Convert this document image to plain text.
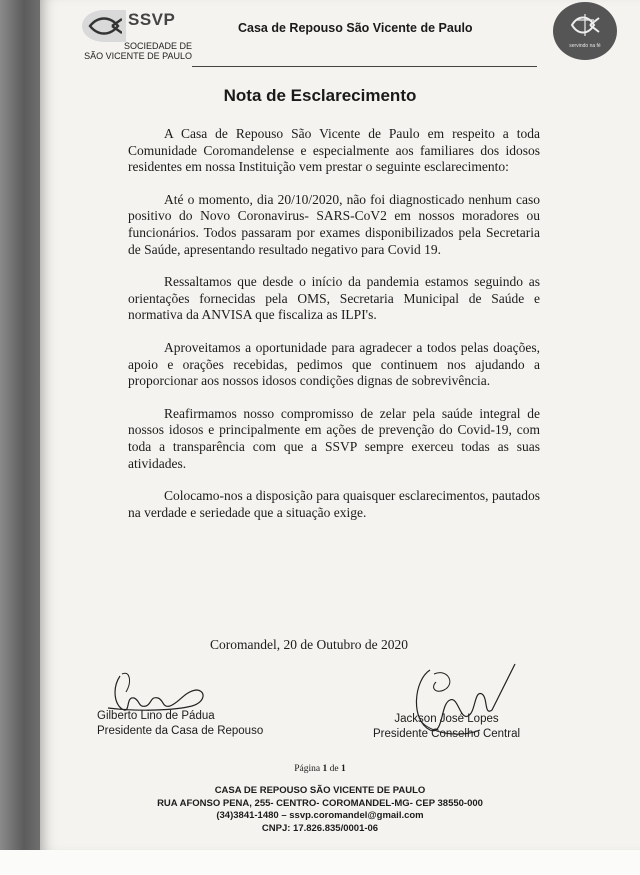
SSVP
SOCIEDADE DE
SÃO VICENTE DE PAULO
Casa de Repouso São Vicente de Paulo
servindo na fé
Nota de Esclarecimento

A Casa de Repouso São Vicente de Paulo em respeito a toda Comunidade Coromandelense e especialmente aos familiares dos idosos residentes em nossa Instituição vem prestar o seguinte esclarecimento:

Até o momento, dia 20/10/2020, não foi diagnosticado nenhum caso positivo do Novo Coronavirus- SARS-CoV2 em nossos moradores ou funcionários. Todos passaram por exames disponibilizados pela Secretaria de Saúde, apresentando resultado negativo para Covid 19.

Ressaltamos que desde o início da pandemia estamos seguindo as orientações fornecidas pela OMS, Secretaria Municipal de Saúde e normativa da ANVISA que fiscaliza as ILPI's.

Aproveitamos a oportunidade para agradecer a todos pelas doações, apoio e orações recebidas, pedimos que continuem nos ajudando a proporcionar aos nossos idosos condições dignas de sobrevivência.

Reafirmamos nosso compromisso de zelar pela saúde integral de nossos idosos e principalmente em ações de prevenção do Covid-19, com toda a transparência com que a SSVP sempre exerceu todas as suas atividades.

Colocamo-nos a disposição para quaisquer esclarecimentos, pautados na verdade e seriedade que a situação exige.

Coromandel, 20 de Outubro de 2020
Gilberto Lino de Pádua
Presidente da Casa de Repouso
Jackson José Lopes
Presidente Conselho Central
Página 1 de 1
CASA DE REPOUSO SÃO VICENTE DE PAULO
RUA AFONSO PENA, 255- CENTRO- COROMANDEL-MG- CEP 38550-000
(34)3841-1480 – ssvp.coromandel@gmail.com
CNPJ: 17.826.835/0001-06
